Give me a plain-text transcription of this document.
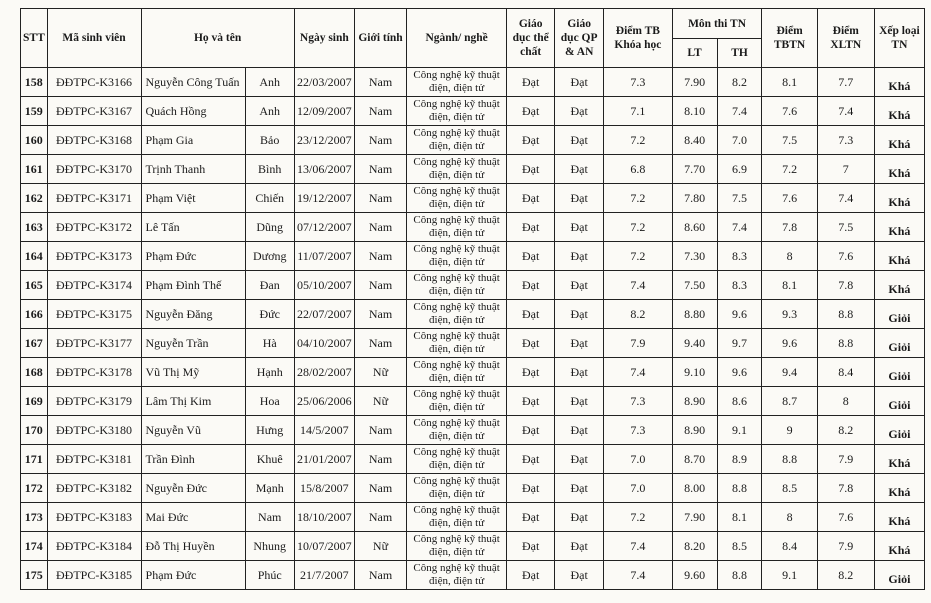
STT	Mã sinh viên	Họ và tên		Ngày sinh	Giới tính	Ngành/ nghề	Giáo dục thể chất	Giáo dục QP & AN	Điểm TB Khóa học	Môn thi TN		Điểm TBTN	Điểm XLTN	Xếp loại TN
										LT	TH			
158	ĐĐTPC-K3166	Nguyễn Công Tuấn	Anh	22/03/2007	Nam	Công nghệ kỹ thuật điện, điện tử	Đạt	Đạt	7.3	7.90	8.2	8.1	7.7	Khá
159	ĐĐTPC-K3167	Quách Hồng	Anh	12/09/2007	Nam	Công nghệ kỹ thuật điện, điện tử	Đạt	Đạt	7.1	8.10	7.4	7.6	7.4	Khá
160	ĐĐTPC-K3168	Phạm Gia	Bảo	23/12/2007	Nam	Công nghệ kỹ thuật điện, điện tử	Đạt	Đạt	7.2	8.40	7.0	7.5	7.3	Khá
161	ĐĐTPC-K3170	Trịnh Thanh	Bình	13/06/2007	Nam	Công nghệ kỹ thuật điện, điện tử	Đạt	Đạt	6.8	7.70	6.9	7.2	7	Khá
162	ĐĐTPC-K3171	Phạm Việt	Chiến	19/12/2007	Nam	Công nghệ kỹ thuật điện, điện tử	Đạt	Đạt	7.2	7.80	7.5	7.6	7.4	Khá
163	ĐĐTPC-K3172	Lê Tấn	Dũng	07/12/2007	Nam	Công nghệ kỹ thuật điện, điện tử	Đạt	Đạt	7.2	8.60	7.4	7.8	7.5	Khá
164	ĐĐTPC-K3173	Phạm Đức	Dương	11/07/2007	Nam	Công nghệ kỹ thuật điện, điện tử	Đạt	Đạt	7.2	7.30	8.3	8	7.6	Khá
165	ĐĐTPC-K3174	Phạm Đình Thế	Đan	05/10/2007	Nam	Công nghệ kỹ thuật điện, điện tử	Đạt	Đạt	7.4	7.50	8.3	8.1	7.8	Khá
166	ĐĐTPC-K3175	Nguyễn Đăng	Đức	22/07/2007	Nam	Công nghệ kỹ thuật điện, điện tử	Đạt	Đạt	8.2	8.80	9.6	9.3	8.8	Giỏi
167	ĐĐTPC-K3177	Nguyễn Trần	Hà	04/10/2007	Nam	Công nghệ kỹ thuật điện, điện tử	Đạt	Đạt	7.9	9.40	9.7	9.6	8.8	Giỏi
168	ĐĐTPC-K3178	Vũ Thị Mỹ	Hạnh	28/02/2007	Nữ	Công nghệ kỹ thuật điện, điện tử	Đạt	Đạt	7.4	9.10	9.6	9.4	8.4	Giỏi
169	ĐĐTPC-K3179	Lâm Thị Kim	Hoa	25/06/2006	Nữ	Công nghệ kỹ thuật điện, điện tử	Đạt	Đạt	7.3	8.90	8.6	8.7	8	Giỏi
170	ĐĐTPC-K3180	Nguyễn Vũ	Hưng	14/5/2007	Nam	Công nghệ kỹ thuật điện, điện tử	Đạt	Đạt	7.3	8.90	9.1	9	8.2	Giỏi
171	ĐĐTPC-K3181	Trần Đình	Khuê	21/01/2007	Nam	Công nghệ kỹ thuật điện, điện tử	Đạt	Đạt	7.0	8.70	8.9	8.8	7.9	Khá
172	ĐĐTPC-K3182	Nguyễn Đức	Mạnh	15/8/2007	Nam	Công nghệ kỹ thuật điện, điện tử	Đạt	Đạt	7.0	8.00	8.8	8.5	7.8	Khá
173	ĐĐTPC-K3183	Mai Đức	Nam	18/10/2007	Nam	Công nghệ kỹ thuật điện, điện tử	Đạt	Đạt	7.2	7.90	8.1	8	7.6	Khá
174	ĐĐTPC-K3184	Đỗ Thị Huyền	Nhung	10/07/2007	Nữ	Công nghệ kỹ thuật điện, điện tử	Đạt	Đạt	7.4	8.20	8.5	8.4	7.9	Khá
175	ĐĐTPC-K3185	Phạm Đức	Phúc	21/7/2007	Nam	Công nghệ kỹ thuật điện, điện tử	Đạt	Đạt	7.4	9.60	8.8	9.1	8.2	Giỏi
